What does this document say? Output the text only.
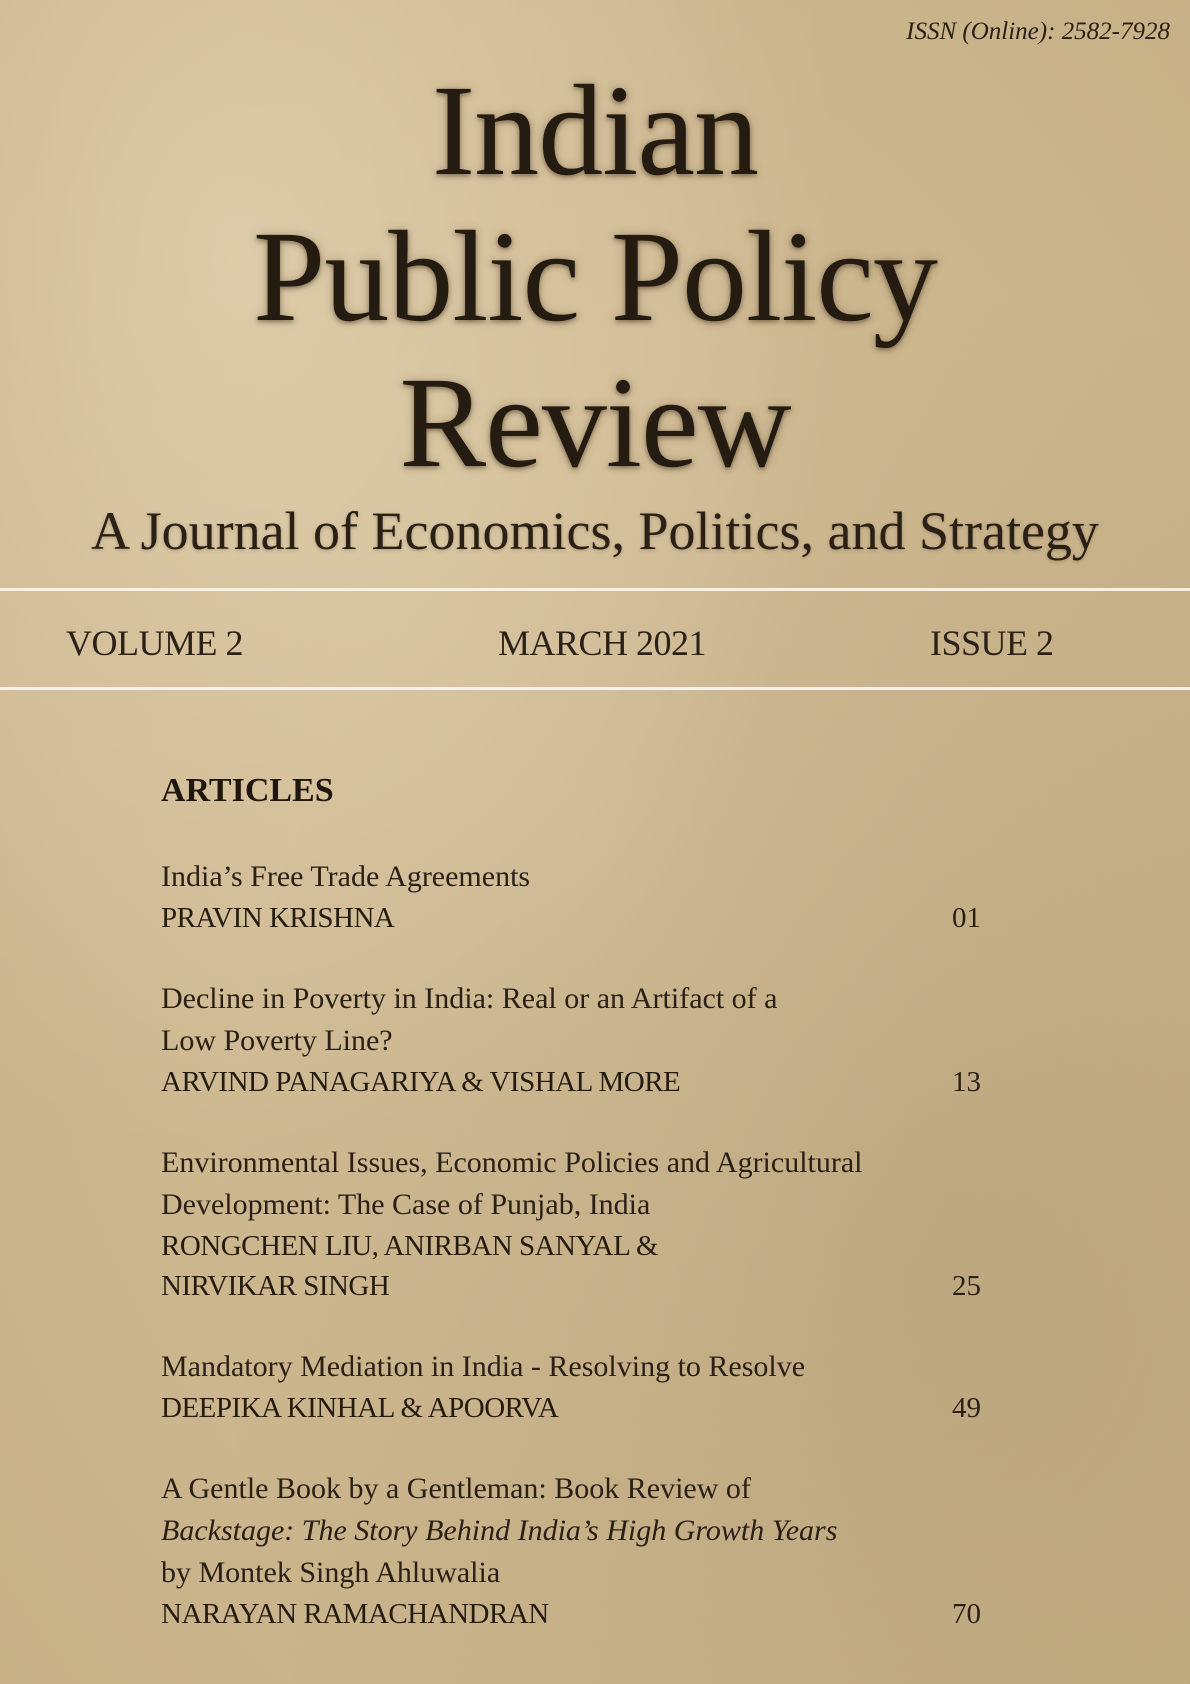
ISSN (Online): 2582-7928
Indian
Public Policy
Review
A Journal of Economics, Politics, and Strategy
VOLUME 2	MARCH 2021	ISSUE 2
ARTICLES
India’s Free Trade Agreements
PRAVIN KRISHNA	01
Decline in Poverty in India: Real or an Artifact of a
Low Poverty Line?
ARVIND PANAGARIYA & VISHAL MORE	13
Environmental Issues, Economic Policies and Agricultural
Development: The Case of Punjab, India
RONGCHEN LIU, ANIRBAN SANYAL &
NIRVIKAR SINGH	25
Mandatory Mediation in India - Resolving to Resolve
DEEPIKA KINHAL & APOORVA	49
A Gentle Book by a Gentleman: Book Review of
Backstage: The Story Behind India’s High Growth Years
by Montek Singh Ahluwalia
NARAYAN RAMACHANDRAN	70
